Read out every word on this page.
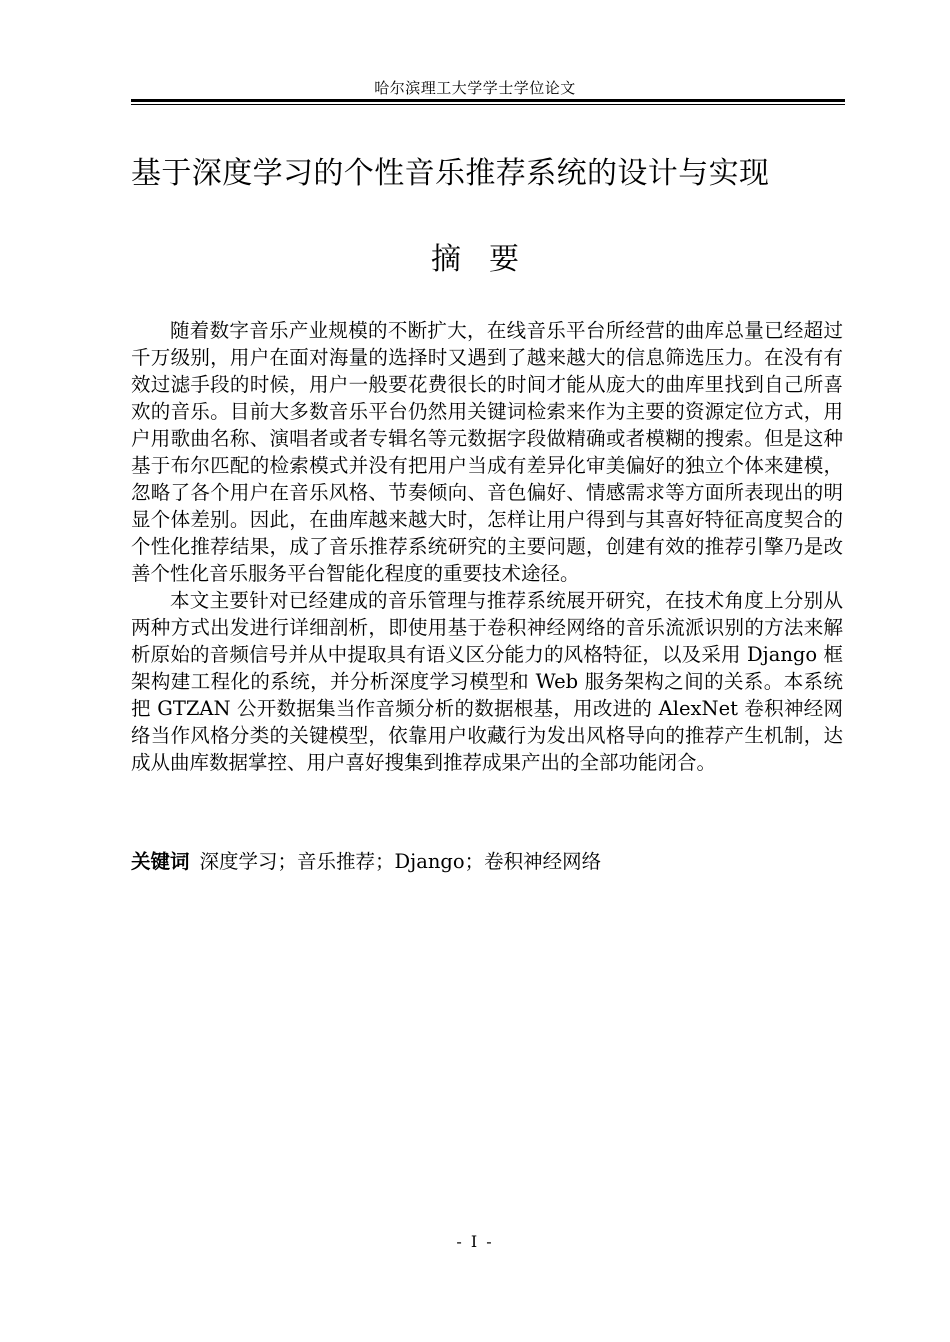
哈尔滨理工大学学士学位论文
基于深度学习的个性音乐推荐系统的设计与实现
摘要

随着数字音乐产业规模的不断扩大，在线音乐平台所经营的曲库总量已经超过千万级别，用户在面对海量的选择时又遇到了越来越大的信息筛选压力。在没有有效过滤手段的时候，用户一般要花费很长的时间才能从庞大的曲库里找到自己所喜欢的音乐。目前大多数音乐平台仍然用关键词检索来作为主要的资源定位方式，用户用歌曲名称、演唱者或者专辑名等元数据字段做精确或者模糊的搜索。但是这种基于布尔匹配的检索模式并没有把用户当成有差异化审美偏好的独立个体来建模，忽略了各个用户在音乐风格、节奏倾向、音色偏好、情感需求等方面所表现出的明显个体差别。因此，在曲库越来越大时，怎样让用户得到与其喜好特征高度契合的个性化推荐结果，成了音乐推荐系统研究的主要问题，创建有效的推荐引擎乃是改善个性化音乐服务平台智能化程度的重要技术途径。

本文主要针对已经建成的音乐管理与推荐系统展开研究，在技术角度上分别从两种方式出发进行详细剖析，即使用基于卷积神经网络的音乐流派识别的方法来解析原始的音频信号并从中提取具有语义区分能力的风格特征，以及采用 Django 框架构建工程化的系统，并分析深度学习模型和 Web 服务架构之间的关系。本系统把 GTZAN 公开数据集当作音频分析的数据根基，用改进的 AlexNet 卷积神经网络当作风格分类的关键模型，依靠用户收藏行为发出风格导向的推荐产生机制，达成从曲库数据掌控、用户喜好搜集到推荐成果产出的全部功能闭合。

关键词 深度学习；音乐推荐；Django；卷积神经网络
- I -
